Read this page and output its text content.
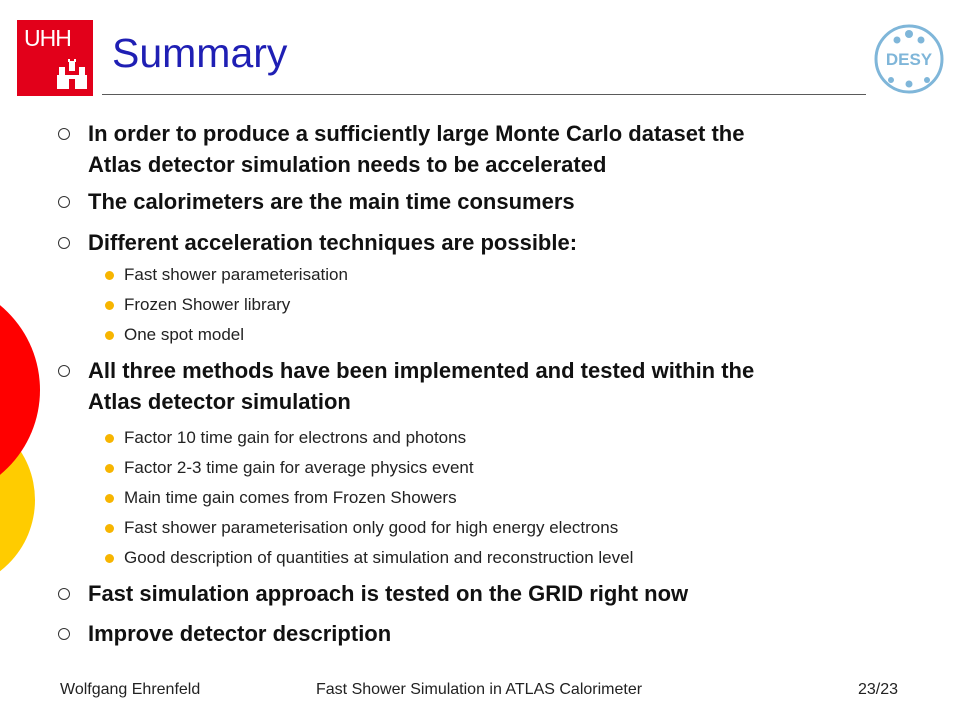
UHH
DESY
Summary
In order to produce a sufficiently large Monte Carlo dataset the
Atlas detector simulation needs to be accelerated
The calorimeters are the main time consumers
Different acceleration techniques are possible:
Fast shower parameterisation
Frozen Shower library
One spot model
All three methods have been implemented and tested within the
Atlas detector simulation
Factor 10 time gain for electrons and photons
Factor 2-3 time gain for average physics event
Main time gain comes from Frozen Showers
Fast shower parameterisation only good for high energy electrons
Good description of quantities at simulation and reconstruction level
Fast simulation approach is tested on the GRID right now
Improve detector description
Wolfgang Ehrenfeld	Fast Shower Simulation in ATLAS Calorimeter	23/23
